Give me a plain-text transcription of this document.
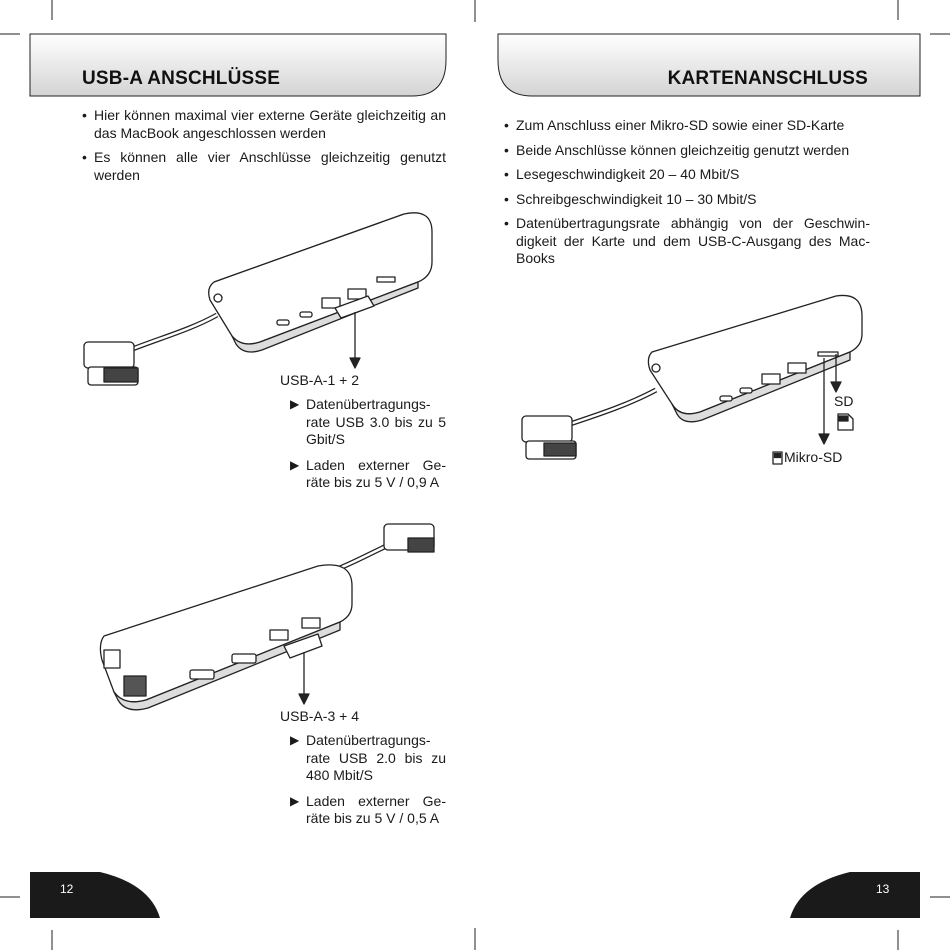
USB-A ANSCHLÜSSE
• Hier können maximal vier externe Geräte gleichzeitig an das MacBook angeschlossen werden
• Es können alle vier Anschlüsse gleichzeitig genutzt werden
USB-A-1 + 2
▶ Datenübertragungs-rate USB 3.0 bis zu 5 Gbit/S
▶ Laden externer Ge-räte bis zu 5 V / 0,9 A
USB-A-3 + 4
▶ Datenübertragungs-rate USB 2.0 bis zu 480 Mbit/S
▶ Laden externer Ge-räte bis zu 5 V / 0,5 A
12
KARTENANSCHLUSS
• Zum Anschluss einer Mikro-SD sowie einer SD-Karte
• Beide Anschlüsse können gleichzeitig genutzt werden
• Lesegeschwindigkeit 20 – 40 Mbit/S
• Schreibgeschwindigkeit 10 – 30 Mbit/S
• Datenübertragungsrate abhängig von der Geschwin-digkeit der Karte und dem USB-C-Ausgang des Mac-Books
SD
Mikro-SD
13
